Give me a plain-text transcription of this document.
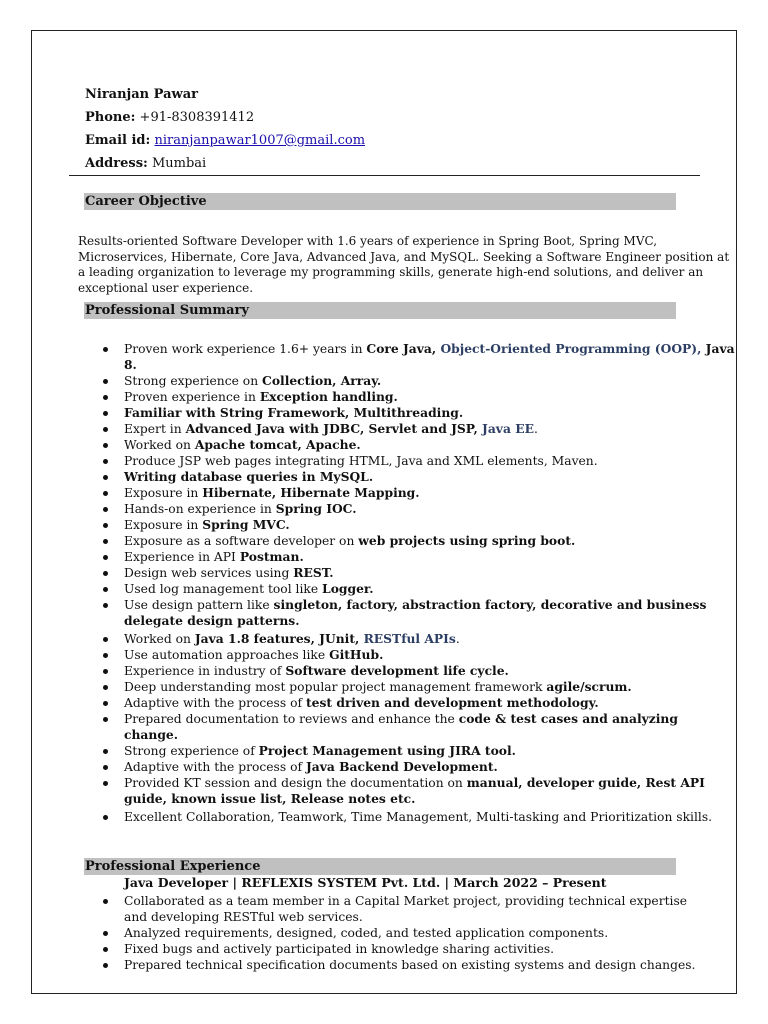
Niranjan Pawar
Phone: +91-8308391412
Email id: niranjanpawar1007@gmail.com
Address: Mumbai
Career Objective
Results-oriented Software Developer with 1.6 years of experience in Spring Boot, Spring MVC, Microservices, Hibernate, Core Java, Advanced Java, and MySQL. Seeking a Software Engineer position at a leading organization to leverage my programming skills, generate high-end solutions, and deliver an exceptional user experience.
Professional Summary
Proven work experience 1.6+ years in Core Java, Object-Oriented Programming (OOP), Java 8.
Strong experience on Collection, Array.
Proven experience in Exception handling.
Familiar with String Framework, Multithreading.
Expert in Advanced Java with JDBC, Servlet and JSP, Java EE.
Worked on Apache tomcat, Apache.
Produce JSP web pages integrating HTML, Java and XML elements, Maven.
Writing database queries in MySQL.
Exposure in Hibernate, Hibernate Mapping.
Hands-on experience in Spring IOC.
Exposure in Spring MVC.
Exposure as a software developer on web projects using spring boot.
Experience in API Postman.
Design web services using REST.
Used log management tool like Logger.
Use design pattern like singleton, factory, abstraction factory, decorative and business delegate design patterns.
Worked on Java 1.8 features, JUnit, RESTful APIs.
Use automation approaches like GitHub.
Experience in industry of Software development life cycle.
Deep understanding most popular project management framework agile/scrum.
Adaptive with the process of test driven and development methodology.
Prepared documentation to reviews and enhance the code & test cases and analyzing change.
Strong experience of Project Management using JIRA tool.
Adaptive with the process of Java Backend Development.
Provided KT session and design the documentation on manual, developer guide, Rest API guide, known issue list, Release notes etc.
Excellent Collaboration, Teamwork, Time Management, Multi-tasking and Prioritization skills.
Professional Experience
Java Developer | REFLEXIS SYSTEM Pvt. Ltd. | March 2022 – Present
Collaborated as a team member in a Capital Market project, providing technical expertise and developing RESTful web services.
Analyzed requirements, designed, coded, and tested application components.
Fixed bugs and actively participated in knowledge sharing activities.
Prepared technical specification documents based on existing systems and design changes.
